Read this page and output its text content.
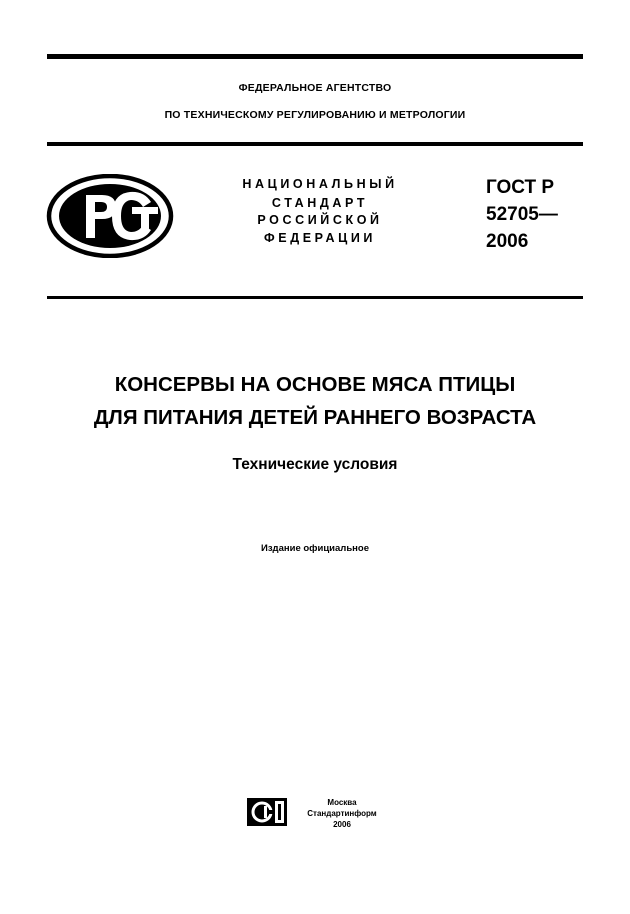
ФЕДЕРАЛЬНОЕ АГЕНТСТВО
ПО ТЕХНИЧЕСКОМУ РЕГУЛИРОВАНИЮ И МЕТРОЛОГИИ
НАЦИОНАЛЬНЫЙ
СТАНДАРТ
РОССИЙСКОЙ
ФЕДЕРАЦИИ
ГОСТ Р
52705—
2006
КОНСЕРВЫ НА ОСНОВЕ МЯСА ПТИЦЫ
ДЛЯ ПИТАНИЯ ДЕТЕЙ РАННЕГО ВОЗРАСТА
Технические условия
Издание официальное
Москва
Стандартинформ
2006
